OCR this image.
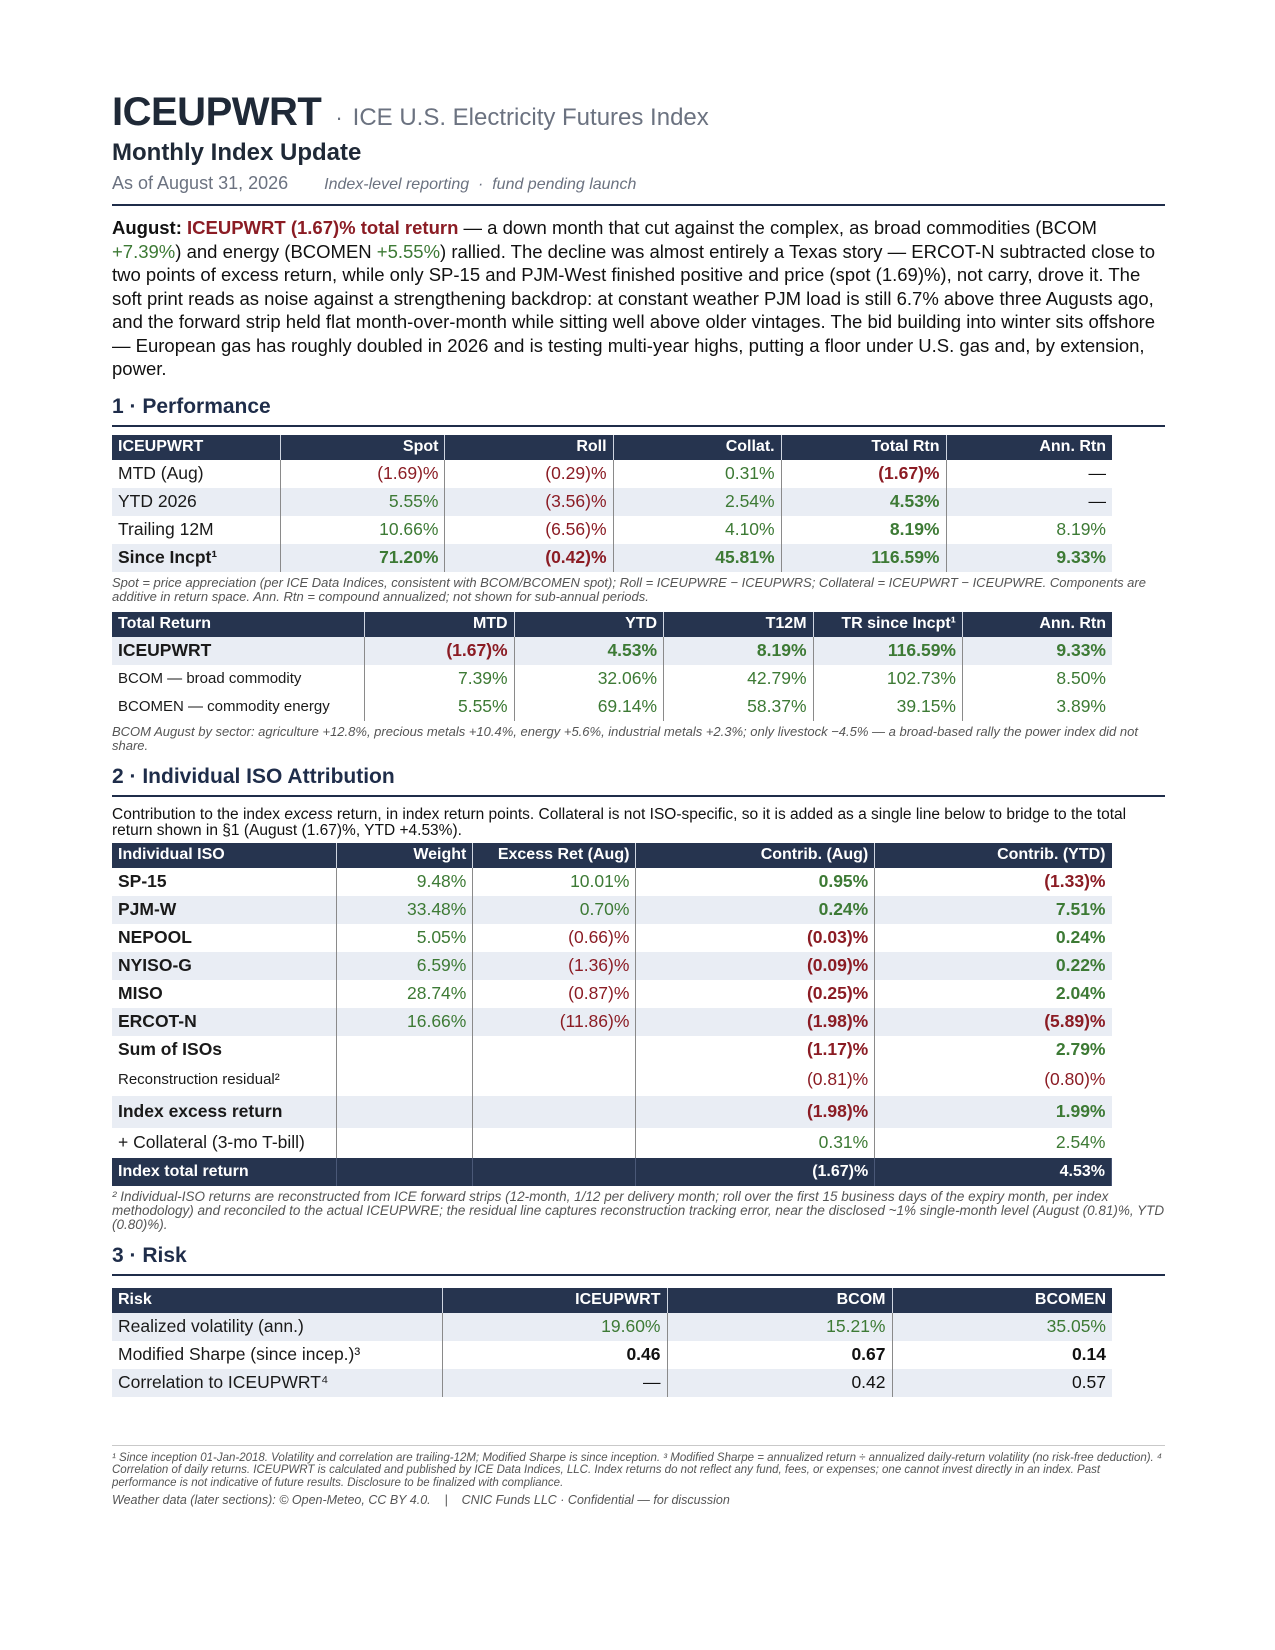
ICEUPWRT · ICE U.S. Electricity Futures Index
Monthly Index Update
As of August 31, 2026 Index-level reporting  ·  fund pending launch
August: ICEUPWRT (1.67)% total return — a down month that cut against the complex, as broad commodities (BCOM +7.39%) and energy (BCOMEN +5.55%) rallied. The decline was almost entirely a Texas story — ERCOT-N subtracted close to two points of excess return, while only SP-15 and PJM-West finished positive and price (spot (1.69)%), not carry, drove it. The soft print reads as noise against a strengthening backdrop: at constant weather PJM load is still 6.7% above three Augusts ago, and the forward strip held flat month-over-month while sitting well above older vintages. The bid building into winter sits offshore — European gas has roughly doubled in 2026 and is testing multi-year highs, putting a floor under U.S. gas and, by extension, power.
1 · Performance
ICEUPWRT	Spot	Roll	Collat.	Total Rtn	Ann. Rtn
MTD (Aug)	(1.69)%	(0.29)%	0.31%	(1.67)%	—
YTD 2026	5.55%	(3.56)%	2.54%	4.53%	—
Trailing 12M	10.66%	(6.56)%	4.10%	8.19%	8.19%
Since Incpt¹	71.20%	(0.42)%	45.81%	116.59%	9.33%
Spot = price appreciation (per ICE Data Indices, consistent with BCOM/BCOMEN spot); Roll = ICEUPWRE − ICEUPWRS; Collateral = ICEUPWRT − ICEUPWRE. Components are additive in return space. Ann. Rtn = compound annualized; not shown for sub-annual periods.
Total Return	MTD	YTD	T12M	TR since Incpt¹	Ann. Rtn
ICEUPWRT	(1.67)%	4.53%	8.19%	116.59%	9.33%
BCOM — broad commodity	7.39%	32.06%	42.79%	102.73%	8.50%
BCOMEN — commodity energy	5.55%	69.14%	58.37%	39.15%	3.89%
BCOM August by sector: agriculture +12.8%, precious metals +10.4%, energy +5.6%, industrial metals +2.3%; only livestock −4.5% — a broad-based rally the power index did not share.
2 · Individual ISO Attribution
Contribution to the index excess return, in index return points. Collateral is not ISO-specific, so it is added as a single line below to bridge to the total return shown in §1 (August (1.67)%, YTD +4.53%).
Individual ISO	Weight	Excess Ret (Aug)	Contrib. (Aug)	Contrib. (YTD)
SP-15	9.48%	10.01%	0.95%	(1.33)%
PJM-W	33.48%	0.70%	0.24%	7.51%
NEPOOL	5.05%	(0.66)%	(0.03)%	0.24%
NYISO-G	6.59%	(1.36)%	(0.09)%	0.22%
MISO	28.74%	(0.87)%	(0.25)%	2.04%
ERCOT-N	16.66%	(11.86)%	(1.98)%	(5.89)%
Sum of ISOs			(1.17)%	2.79%
Reconstruction residual²			(0.81)%	(0.80)%
Index excess return			(1.98)%	1.99%
+ Collateral (3-mo T-bill)			0.31%	2.54%
Index total return			(1.67)%	4.53%
² Individual-ISO returns are reconstructed from ICE forward strips (12-month, 1/12 per delivery month; roll over the first 15 business days of the expiry month, per index methodology) and reconciled to the actual ICEUPWRE; the residual line captures reconstruction tracking error, near the disclosed ~1% single-month level (August (0.81)%, YTD (0.80)%).
3 · Risk
Risk	ICEUPWRT	BCOM	BCOMEN
Realized volatility (ann.)	19.60%	15.21%	35.05%
Modified Sharpe (since incep.)³	0.46	0.67	0.14
Correlation to ICEUPWRT⁴	—	0.42	0.57
¹ Since inception 01-Jan-2018. Volatility and correlation are trailing-12M; Modified Sharpe is since inception. ³ Modified Sharpe = annualized return ÷ annualized daily-return volatility (no risk-free deduction). ⁴ Correlation of daily returns. ICEUPWRT is calculated and published by ICE Data Indices, LLC. Index returns do not reflect any fund, fees, or expenses; one cannot invest directly in an index. Past performance is not indicative of future results. Disclosure to be finalized with compliance.
Weather data (later sections): © Open-Meteo, CC BY 4.0.    |    CNIC Funds LLC · Confidential — for discussion
